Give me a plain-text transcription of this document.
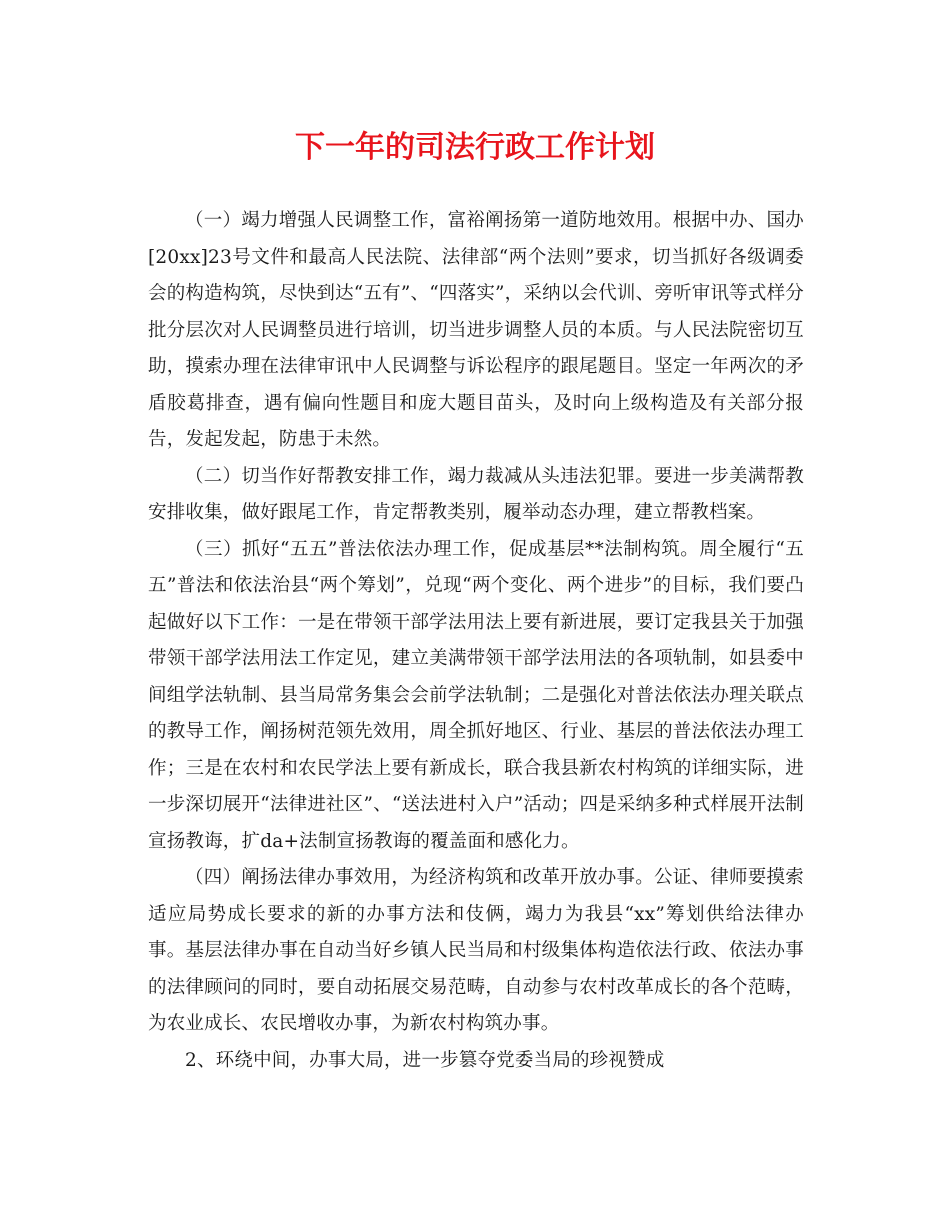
下一年的司法行政工作计划

（一）竭力增强人民调整工作，富裕阐扬第一道防地效用。根据中办、国办[20xx]23号文件和最高人民法院、法律部“两个法则”要求，切当抓好各级调委会的构造构筑，尽快到达“五有”、“四落实”，采纳以会代训、旁听审讯等式样分批分层次对人民调整员进行培训，切当进步调整人员的本质。与人民法院密切互助，摸索办理在法律审讯中人民调整与诉讼程序的跟尾题目。坚定一年两次的矛盾胶葛排查，遇有偏向性题目和庞大题目苗头，及时向上级构造及有关部分报告，发起发起，防患于未然。

（二）切当作好帮教安排工作，竭力裁减从头违法犯罪。要进一步美满帮教安排收集，做好跟尾工作，肯定帮教类别，履举动态办理，建立帮教档案。

（三）抓好“五五”普法依法办理工作，促成基层**法制构筑。周全履行“五五”普法和依法治县“两个筹划”，兑现“两个变化、两个进步”的目标，我们要凸起做好以下工作：一是在带领干部学法用法上要有新进展，要订定我县关于加强带领干部学法用法工作定见，建立美满带领干部学法用法的各项轨制，如县委中间组学法轨制、县当局常务集会会前学法轨制；二是强化对普法依法办理关联点的教导工作，阐扬树范领先效用，周全抓好地区、行业、基层的普法依法办理工作；三是在农村和农民学法上要有新成长，联合我县新农村构筑的详细实际，进一步深切展开“法律进社区”、“送法进村入户”活动；四是采纳多种式样展开法制宣扬教诲，扩da+法制宣扬教诲的覆盖面和感化力。

（四）阐扬法律办事效用，为经济构筑和改革开放办事。公证、律师要摸索适应局势成长要求的新的办事方法和伎俩，竭力为我县“xx”筹划供给法律办事。基层法律办事在自动当好乡镇人民当局和村级集体构造依法行政、依法办事的法律顾问的同时，要自动拓展交易范畴，自动参与农村改革成长的各个范畴，为农业成长、农民增收办事，为新农村构筑办事。

2、环绕中间，办事大局，进一步篡夺党委当局的珍视赞成
